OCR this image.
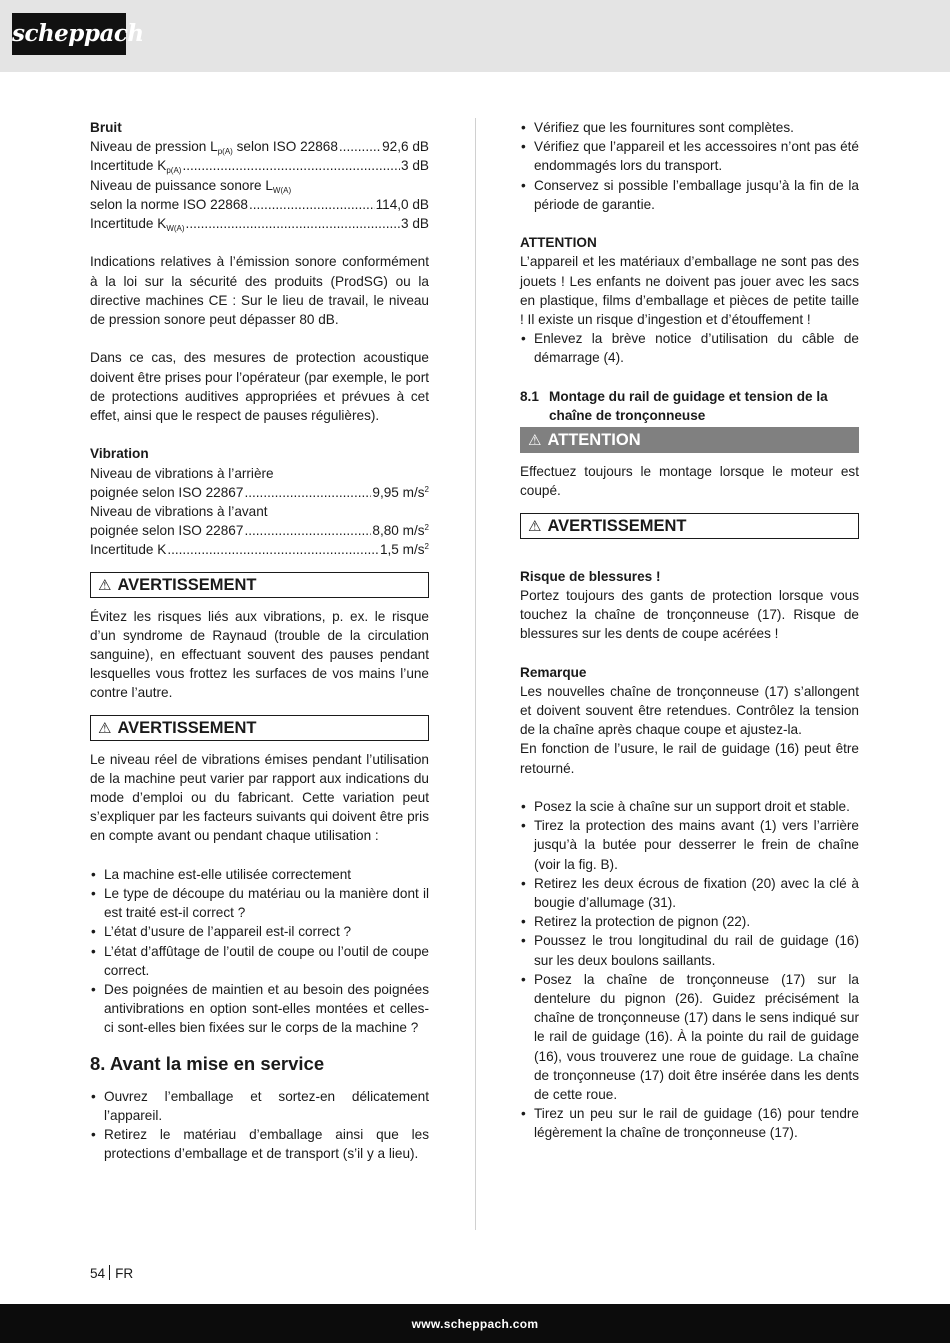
scheppach

Bruit

Niveau de pression $L_{p(A)}$ selon ISO 22868 .....	92,6 dB
Incertitude $K_{p(A)}$ .....	3 dB
Niveau de puissance sonore $L_{W(A)}$
selon la norme ISO 22868 .....	114,0 dB
Incertitude $K_{W(A)}$ .....	3 dB

Indications relatives à l’émission sonore conformément à la loi sur la sécurité des produits (ProdSG) ou la directive machines CE : Sur le lieu de travail, le niveau de pression sonore peut dépasser 80 dB.

Dans ce cas, des mesures de protection acoustique doivent être prises pour l’opérateur (par exemple, le port de protections auditives appropriées et prévues à cet effet, ainsi que le respect de pauses régulières).

Vibration

Niveau de vibrations à l’arrière

poignée selon ISO 22867 .....	9,95 $m/s^2$

Niveau de vibrations à l’avant

poignée selon ISO 22867 .....	8,80 $m/s^2$
Incertitude K .....	1,5 $m/s^2$
⚠ AVERTISSEMENT

Évitez les risques liés aux vibrations, p. ex. le risque d’un syndrome de Raynaud (trouble de la circulation sanguine), en effectuant souvent des pauses pendant lesquelles vous frottez les surfaces de vos mains l’une contre l’autre.

⚠ AVERTISSEMENT

Le niveau réel de vibrations émises pendant l’utilisation de la machine peut varier par rapport aux indications du mode d’emploi ou du fabricant. Cette variation peut s’expliquer par les facteurs suivants qui doivent être pris en compte avant ou pendant chaque utilisation :

• La machine est-elle utilisée correctement
• Le type de découpe du matériau ou la manière dont il est traité est-il correct ?
• L’état d’usure de l’appareil est-il correct ?
• L’état d’affûtage de l’outil de coupe ou l’outil de coupe correct.
• Des poignées de maintien et au besoin des poignées antivibrations en option sont-elles montées et celles-ci sont-elles bien fixées sur le corps de la machine ?
8. Avant la mise en service
• Ouvrez l’emballage et sortez-en délicatement l’appareil.
• Retirez le matériau d’emballage ainsi que les protections d’emballage et de transport (s’il y a lieu).
• Vérifiez que les fournitures sont complètes.
• Vérifiez que l’appareil et les accessoires n’ont pas été endommagés lors du transport.
• Conservez si possible l’emballage jusqu’à la fin de la période de garantie.

ATTENTION

L’appareil et les matériaux d’emballage ne sont pas des jouets ! Les enfants ne doivent pas jouer avec les sacs en plastique, films d’emballage et pièces de petite taille ! Il existe un risque d’ingestion et d’étouffement !

• Enlevez la brève notice d’utilisation du câble de démarrage (4).
8.1 Montage du rail de guidage et tension de la chaîne de tronçonneuse
⚠ ATTENTION

Effectuez toujours le montage lorsque le moteur est coupé.

⚠ AVERTISSEMENT

Risque de blessures !

Portez toujours des gants de protection lorsque vous touchez la chaîne de tronçonneuse (17). Risque de blessures sur les dents de coupe acérées !

Remarque

Les nouvelles chaîne de tronçonneuse (17) s’allongent et doivent souvent être retendues. Contrôlez la tension de la chaîne après chaque coupe et ajustez-la.

En fonction de l’usure, le rail de guidage (16) peut être retourné.

• Posez la scie à chaîne sur un support droit et stable.
• Tirez la protection des mains avant (1) vers l’arrière jusqu’à la butée pour desserrer le frein de chaîne (voir la fig. B).
• Retirez les deux écrous de fixation (20) avec la clé à bougie d’allumage (31).
• Retirez la protection de pignon (22).
• Poussez le trou longitudinal du rail de guidage (16) sur les deux boulons saillants.
• Posez la chaîne de tronçonneuse (17) sur la dentelure du pignon (26). Guidez précisément la chaîne de tronçonneuse (17) dans le sens indiqué sur le rail de guidage (16). À la pointe du rail de guidage (16), vous trouverez une roue de guidage. La chaîne de tronçonneuse (17) doit être insérée dans les dents de cette roue.
• Tirez un peu sur le rail de guidage (16) pour tendre légèrement la chaîne de tronçonneuse (17).
54 FR
www.scheppach.com
